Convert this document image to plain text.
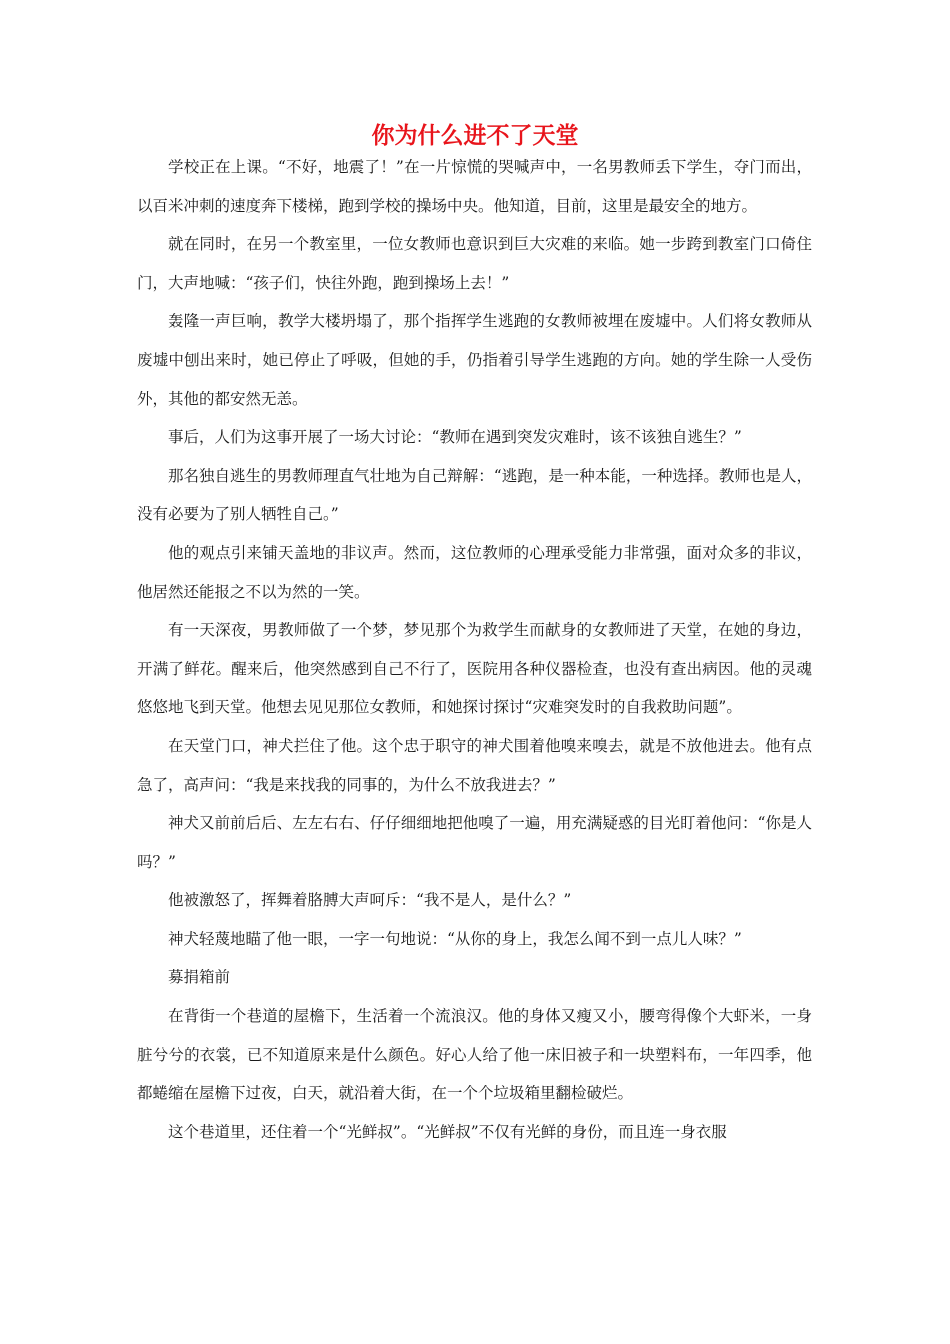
你为什么进不了天堂

学校正在上课。“不好，地震了！”在一片惊慌的哭喊声中，一名男教师丢下学生，夺门而出，以百米冲刺的速度奔下楼梯，跑到学校的操场中央。他知道，目前，这里是最安全的地方。

就在同时，在另一个教室里，一位女教师也意识到巨大灾难的来临。她一步跨到教室门口倚住门，大声地喊：“孩子们，快往外跑，跑到操场上去！”

轰隆一声巨响，教学大楼坍塌了，那个指挥学生逃跑的女教师被埋在废墟中。人们将女教师从废墟中刨出来时，她已停止了呼吸，但她的手，仍指着引导学生逃跑的方向。她的学生除一人受伤外，其他的都安然无恙。

事后，人们为这事开展了一场大讨论：“教师在遇到突发灾难时，该不该独自逃生？”

那名独自逃生的男教师理直气壮地为自己辩解：“逃跑，是一种本能，一种选择。教师也是人，没有必要为了别人牺牲自己。”

他的观点引来铺天盖地的非议声。然而，这位教师的心理承受能力非常强，面对众多的非议，他居然还能报之不以为然的一笑。

有一天深夜，男教师做了一个梦，梦见那个为救学生而献身的女教师进了天堂，在她的身边，开满了鲜花。醒来后，他突然感到自己不行了，医院用各种仪器检查，也没有查出病因。他的灵魂悠悠地飞到天堂。他想去见见那位女教师，和她探讨探讨“灾难突发时的自我救助问题”。

在天堂门口，神犬拦住了他。这个忠于职守的神犬围着他嗅来嗅去，就是不放他进去。他有点急了，高声问：“我是来找我的同事的，为什么不放我进去？”

神犬又前前后后、左左右右、仔仔细细地把他嗅了一遍，用充满疑惑的目光盯着他问：“你是人吗？”

他被激怒了，挥舞着胳膊大声呵斥：“我不是人，是什么？”

神犬轻蔑地瞄了他一眼，一字一句地说：“从你的身上，我怎么闻不到一点儿人味？”

募捐箱前

在背街一个巷道的屋檐下，生活着一个流浪汉。他的身体又瘦又小，腰弯得像个大虾米，一身脏兮兮的衣裳，已不知道原来是什么颜色。好心人给了他一床旧被子和一块塑料布，一年四季，他都蜷缩在屋檐下过夜，白天，就沿着大街，在一个个垃圾箱里翻检破烂。

这个巷道里，还住着一个“光鲜叔”。“光鲜叔”不仅有光鲜的身份，而且连一身衣服
